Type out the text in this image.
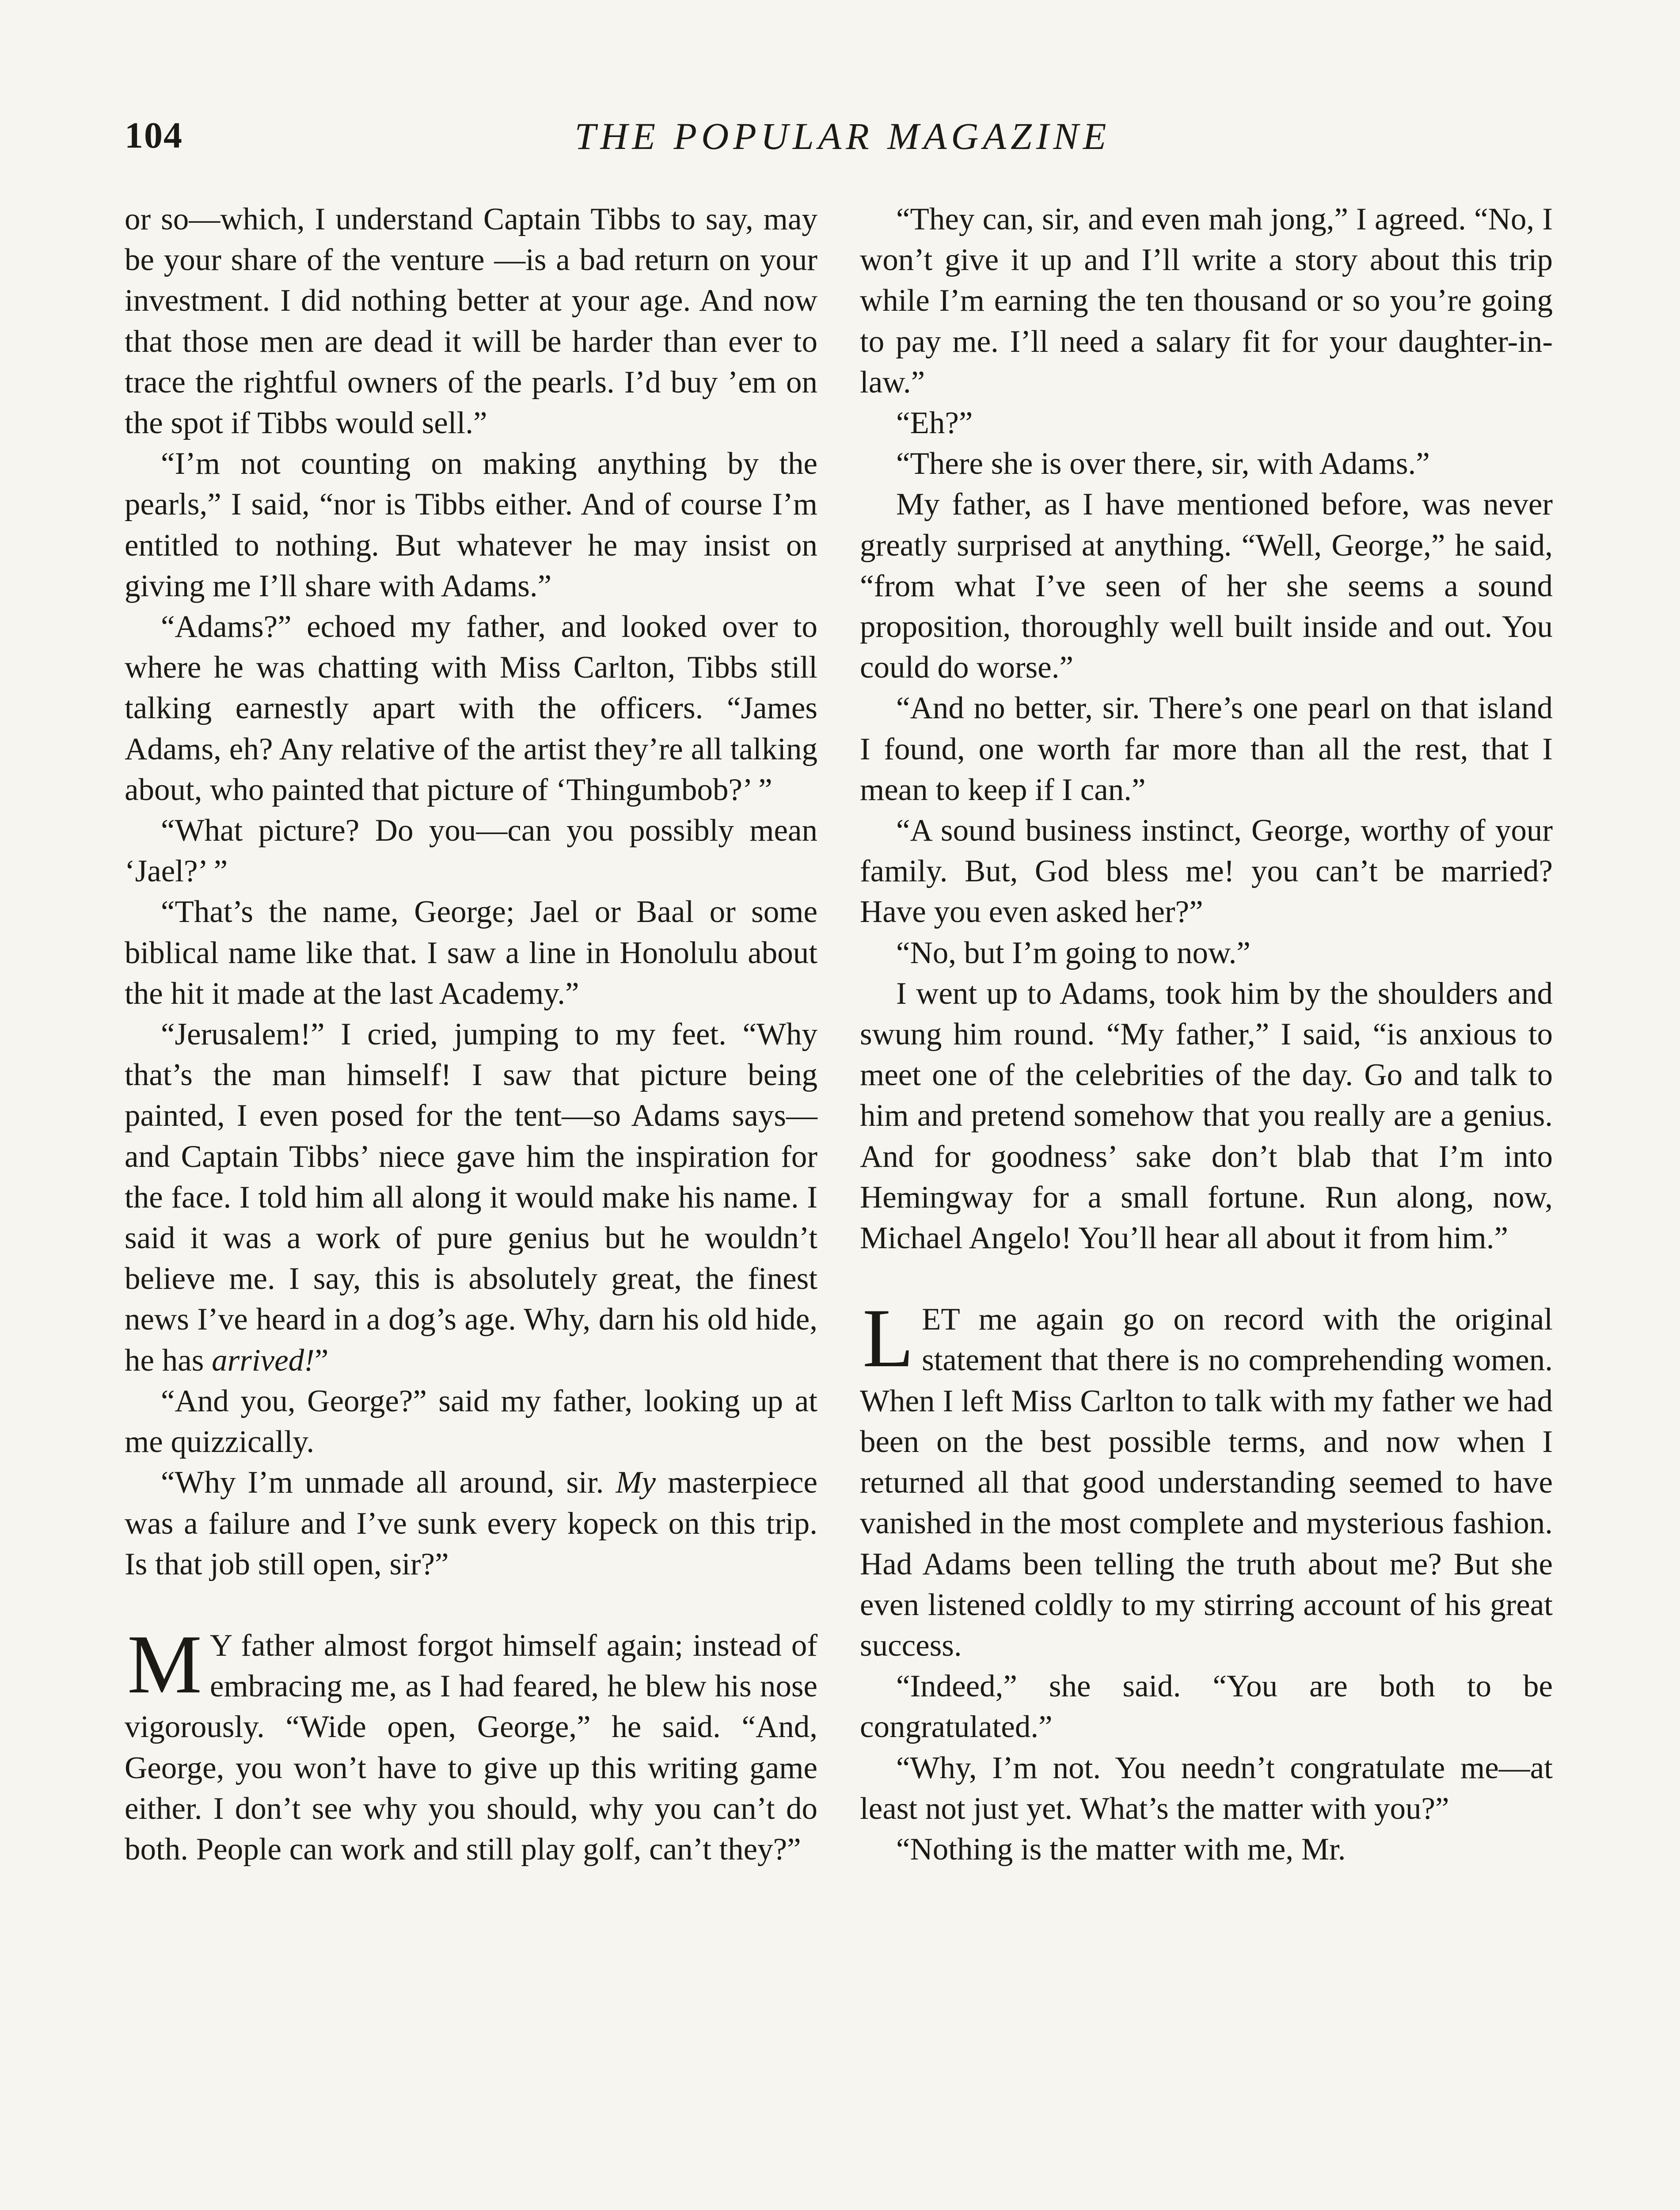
104	THE POPULAR MAGAZINE

or so—which, I understand Captain Tibbs to say, may be your share of the venture —is a bad return on your investment. I did nothing better at your age. And now that those men are dead it will be harder than ever to trace the rightful owners of the pearls. I’d buy ’em on the spot if Tibbs would sell.”

“I’m not counting on making anything by the pearls,” I said, “nor is Tibbs either. And of course I’m entitled to nothing. But whatever he may insist on giving me I’ll share with Adams.”

“Adams?” echoed my father, and looked over to where he was chatting with Miss Carlton, Tibbs still talking earnestly apart with the officers. “James Adams, eh? Any relative of the artist they’re all talking about, who painted that picture of ‘Thingumbob?’ ”

“What picture? Do you—can you possibly mean ‘Jael?’ ”

“That’s the name, George; Jael or Baal or some biblical name like that. I saw a line in Honolulu about the hit it made at the last Academy.”

“Jerusalem!” I cried, jumping to my feet. “Why that’s the man himself! I saw that picture being painted, I even posed for the tent—so Adams says—and Captain Tibbs’ niece gave him the inspiration for the face. I told him all along it would make his name. I said it was a work of pure genius but he wouldn’t believe me. I say, this is absolutely great, the finest news I’ve heard in a dog’s age. Why, darn his old hide, he has arrived!”

“And you, George?” said my father, looking up at me quizzically.

“Why I’m unmade all around, sir. My masterpiece was a failure and I’ve sunk every kopeck on this trip. Is that job still open, sir?”

M Y father almost forgot himself again; instead of embracing me, as I had feared, he blew his nose vigorously. “Wide open, George,” he said. “And, George, you won’t have to give up this writing game either. I don’t see why you should, why you can’t do both. People can work and still play golf, can’t they?”

“They can, sir, and even mah jong,” I agreed. “No, I won’t give it up and I’ll write a story about this trip while I’m earning the ten thousand or so you’re going to pay me. I’ll need a salary fit for your daughter-in-law.”

“Eh?”

“There she is over there, sir, with Adams.”

My father, as I have mentioned before, was never greatly surprised at anything. “Well, George,” he said, “from what I’ve seen of her she seems a sound proposition, thoroughly well built inside and out. You could do worse.”

“And no better, sir. There’s one pearl on that island I found, one worth far more than all the rest, that I mean to keep if I can.”

“A sound business instinct, George, worthy of your family. But, God bless me! you can’t be married? Have you even asked her?”

“No, but I’m going to now.”

I went up to Adams, took him by the shoulders and swung him round. “My father,” I said, “is anxious to meet one of the celebrities of the day. Go and talk to him and pretend somehow that you really are a genius. And for goodness’ sake don’t blab that I’m into Hemingway for a small fortune. Run along, now, Michael Angelo! You’ll hear all about it from him.”

LET me again go on record with the original statement that there is no comprehending women. When I left Miss Carlton to talk with my father we had been on the best possible terms, and now when I returned all that good understanding seemed to have vanished in the most complete and mysterious fashion. Had Adams been telling the truth about me? But she even listened coldly to my stirring account of his great success.

“Indeed,” she said. “You are both to be congratulated.”

“Why, I’m not. You needn’t congratulate me—at least not just yet. What’s the matter with you?”

“Nothing is the matter with me, Mr.
